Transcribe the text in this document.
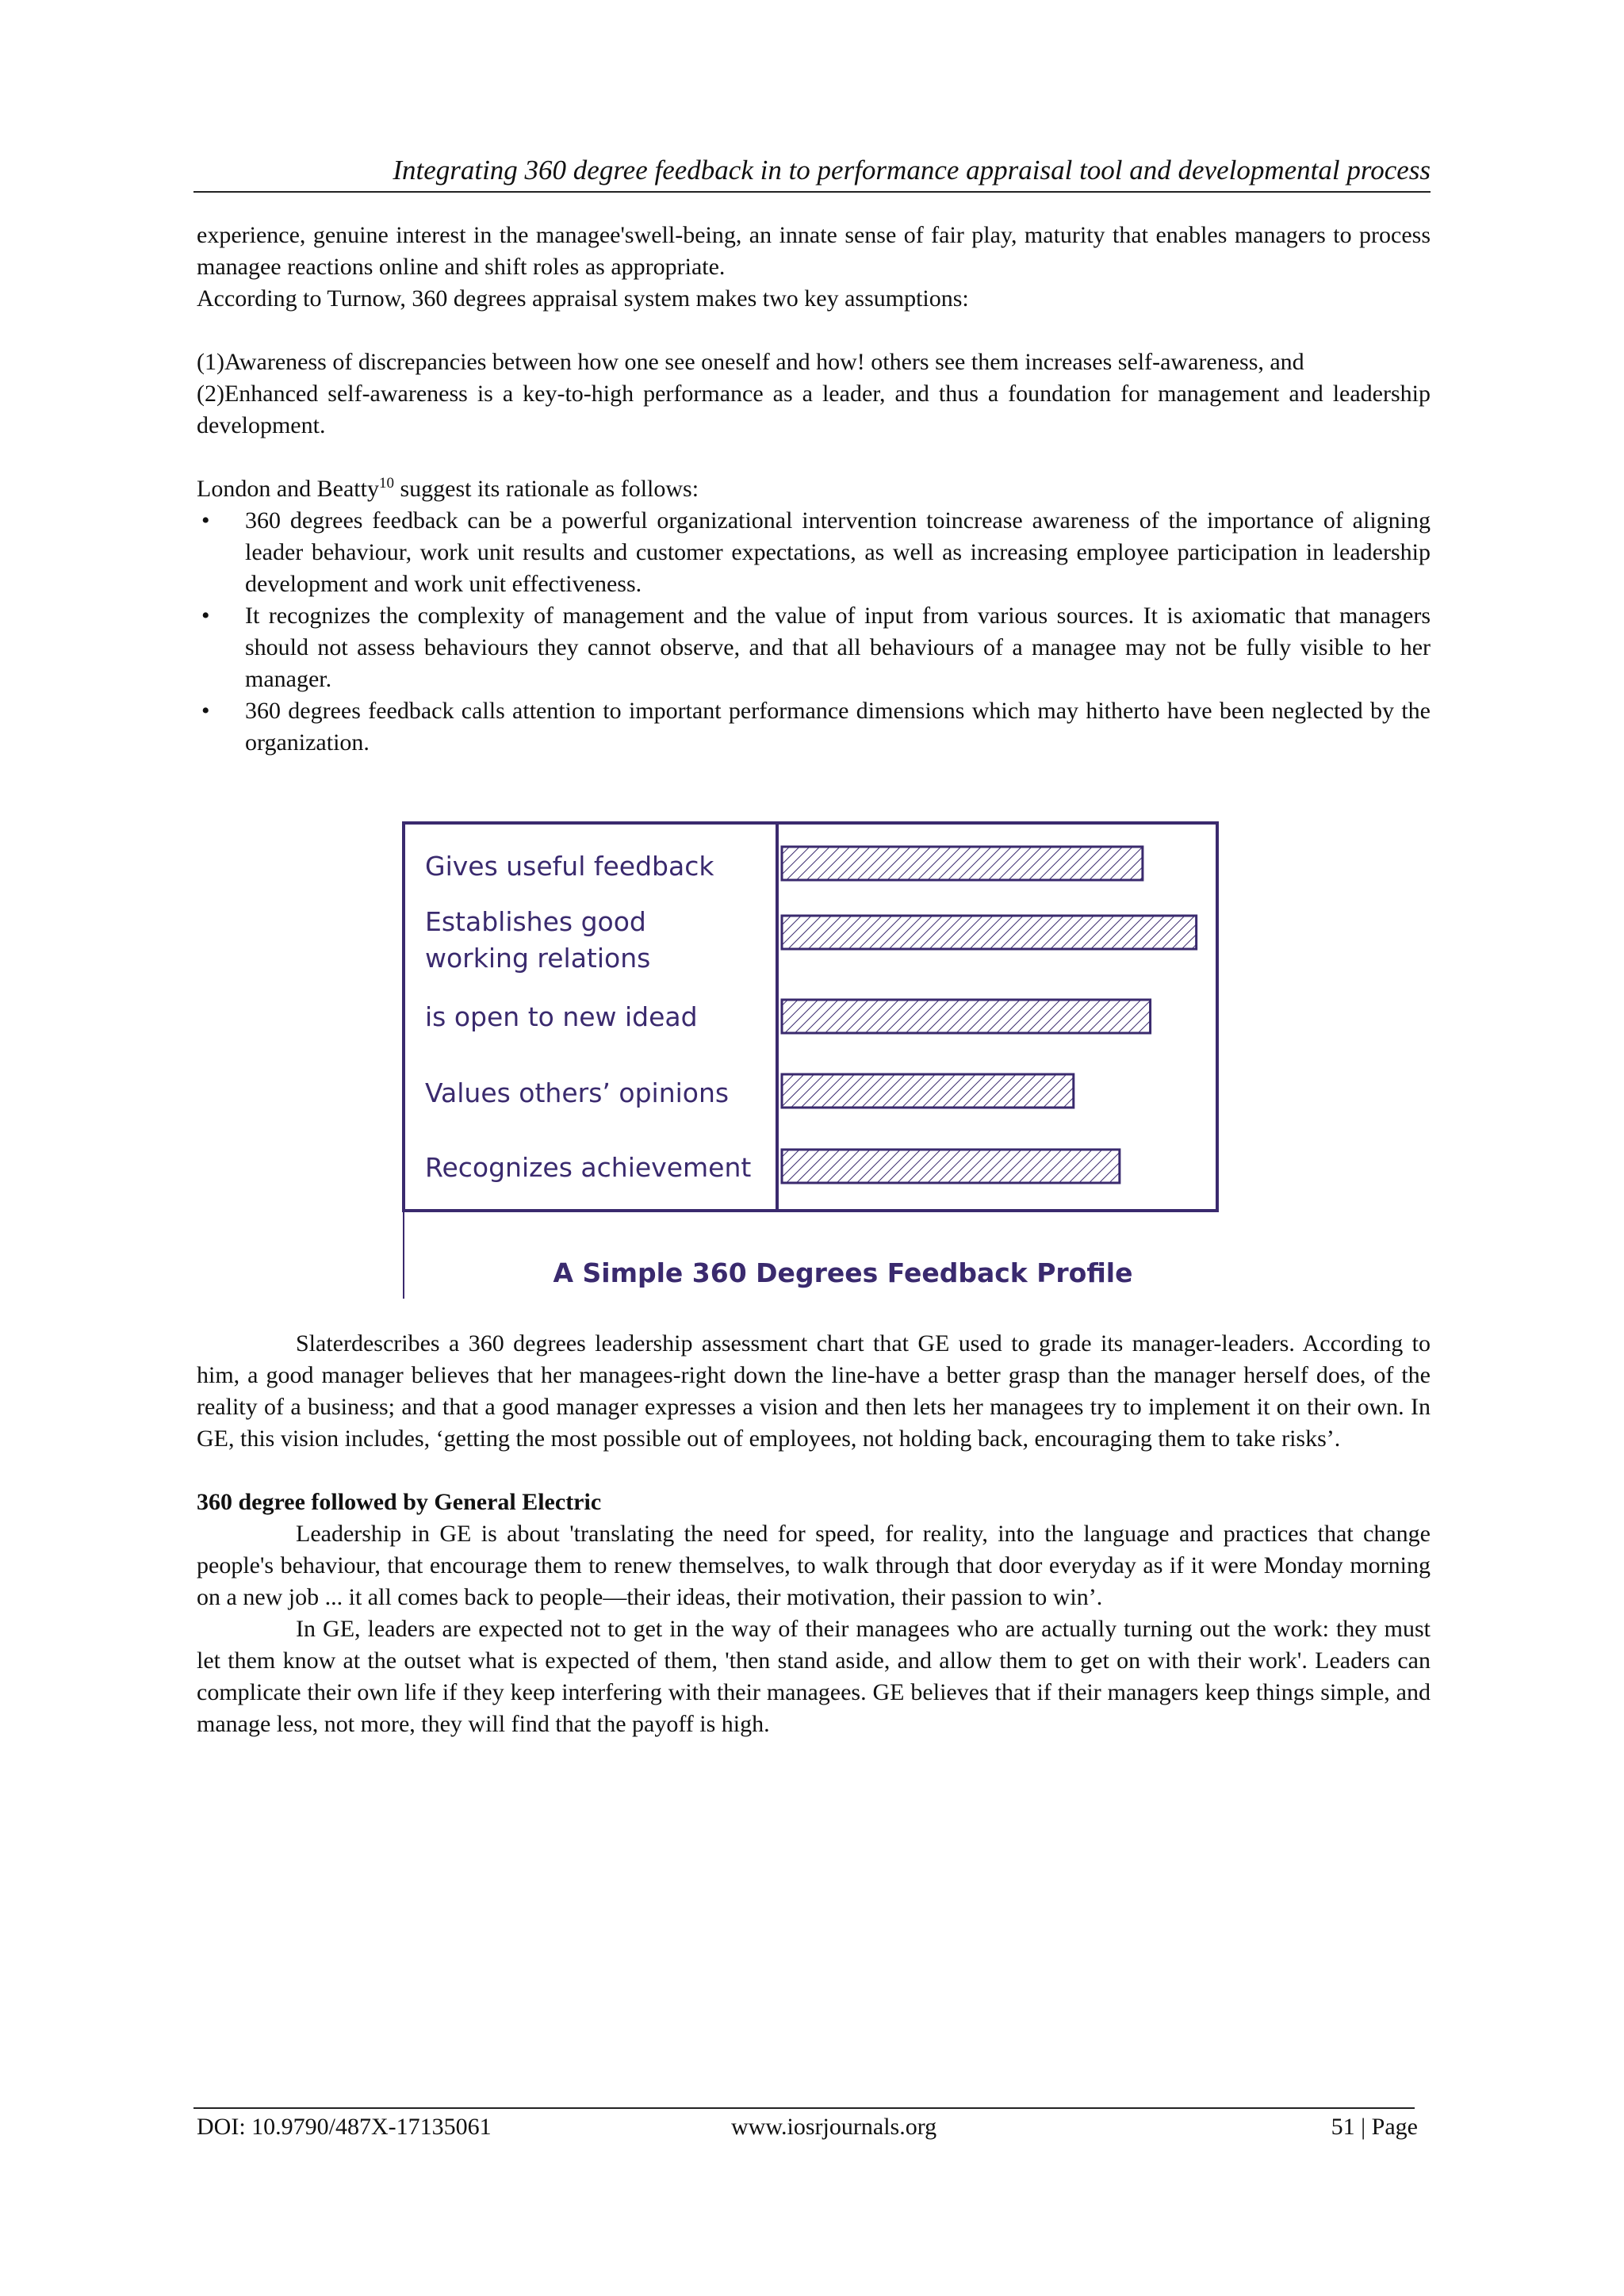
Integrating 360 degree feedback in to performance appraisal tool and developmental process

experience, genuine interest in the managee'swell-being, an innate sense of fair play, maturity that enables managers to process managee reactions online and shift roles as appropriate.

According to Turnow, 360 degrees appraisal system makes two key assumptions:

(1)Awareness of discrepancies between how one see oneself and how! others see them increases self-awareness, and

(2)Enhanced self-awareness is a key-to-high performance as a leader, and thus a foundation for management and leadership development.

London and Beatty$^{10}$ suggest its rationale as follows:

• 360 degrees feedback can be a powerful organizational intervention toincrease awareness of the importance of aligning leader behaviour, work unit results and customer expectations, as well as increasing employee participation in leadership development and work unit effectiveness.
• It recognizes the complexity of management and the value of input from various sources. It is axiomatic that managers should not assess behaviours they cannot observe, and that all behaviours of a managee may not be fully visible to her manager.
• 360 degrees feedback calls attention to important performance dimensions which may hitherto have been neglected by the organization.
Gives useful feedback
Establishes good
working relations
is open to new idead
Values others’ opinions
Recognizes achievement
A Simple 360 Degrees Feedback Profile

Slaterdescribes a 360 degrees leadership assessment chart that GE used to grade its manager-leaders. According to him, a good manager believes that her managees-right down the line-have a better grasp than the manager herself does, of the reality of a business; and that a good manager expresses a vision and then lets her managees try to implement it on their own. In GE, this vision includes, ‘getting the most possible out of employees, not holding back, encouraging them to take risks’.

360 degree followed by General Electric

Leadership in GE is about 'translating the need for speed, for reality, into the language and practices that change people's behaviour, that encourage them to renew themselves, to walk through that door everyday as if it were Monday morning on a new job ... it all comes back to people—their ideas, their motivation, their passion to win’.

In GE, leaders are expected not to get in the way of their managees who are actually turning out the work: they must let them know at the outset what is expected of them, 'then stand aside, and allow them to get on with their work'. Leaders can complicate their own life if they keep interfering with their managees. GE believes that if their managers keep things simple, and manage less, not more, they will find that the payoff is high.

DOI: 10.9790/487X-17135061	www.iosrjournals.org	51 | Page
